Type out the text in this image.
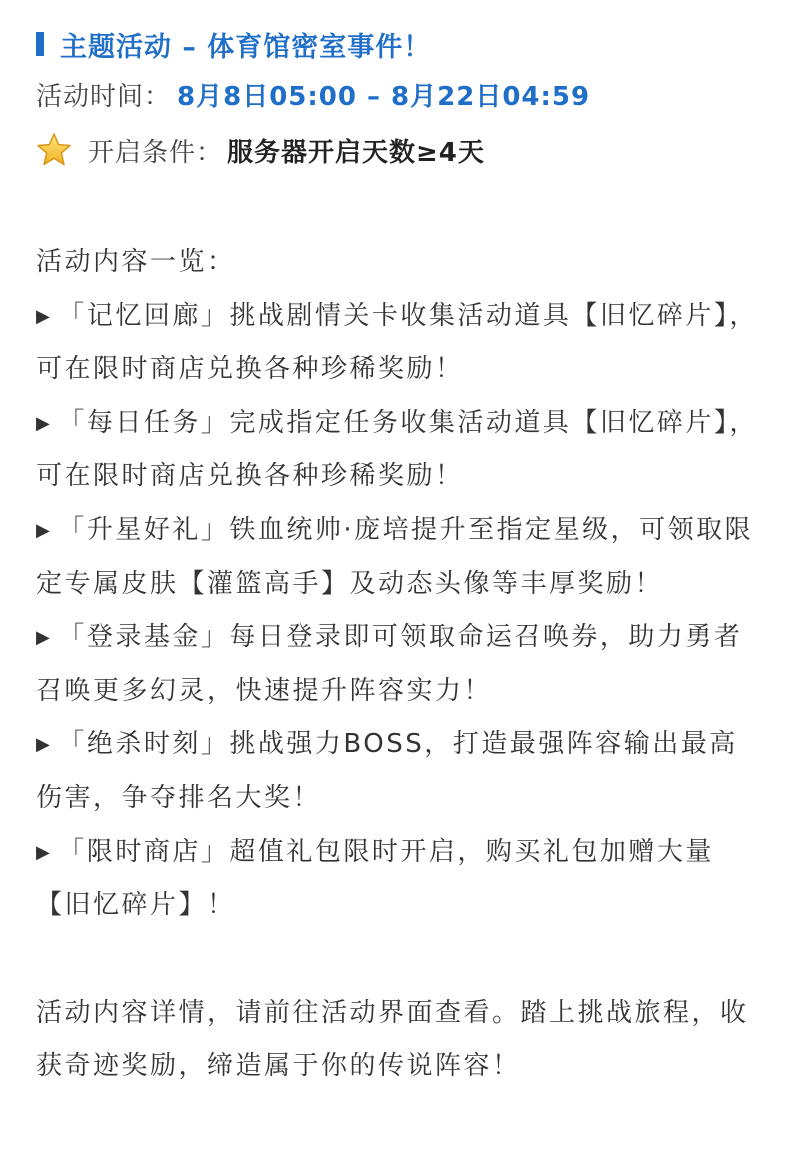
主题活动 – 体育馆密室事件！
活动时间： 8月8日05:00 – 8月22日04:59
开启条件： 服务器开启天数≥4天
活动内容一览：
▶ 「记忆回廊」挑战剧情关卡收集活动道具【旧忆碎片】，可在限时商店兑换各种珍稀奖励！
▶ 「每日任务」完成指定任务收集活动道具【旧忆碎片】，可在限时商店兑换各种珍稀奖励！
▶ 「升星好礼」铁血统帅·庞培提升至指定星级，可领取限定专属皮肤【灌篮高手】及动态头像等丰厚奖励！
▶ 「登录基金」每日登录即可领取命运召唤券，助力勇者召唤更多幻灵，快速提升阵容实力！
▶ 「绝杀时刻」挑战强力BOSS，打造最强阵容输出最高伤害，争夺排名大奖！
▶ 「限时商店」超值礼包限时开启，购买礼包加赠大量【旧忆碎片】！
活动内容详情，请前往活动界面查看。踏上挑战旅程，收获奇迹奖励，缔造属于你的传说阵容！
